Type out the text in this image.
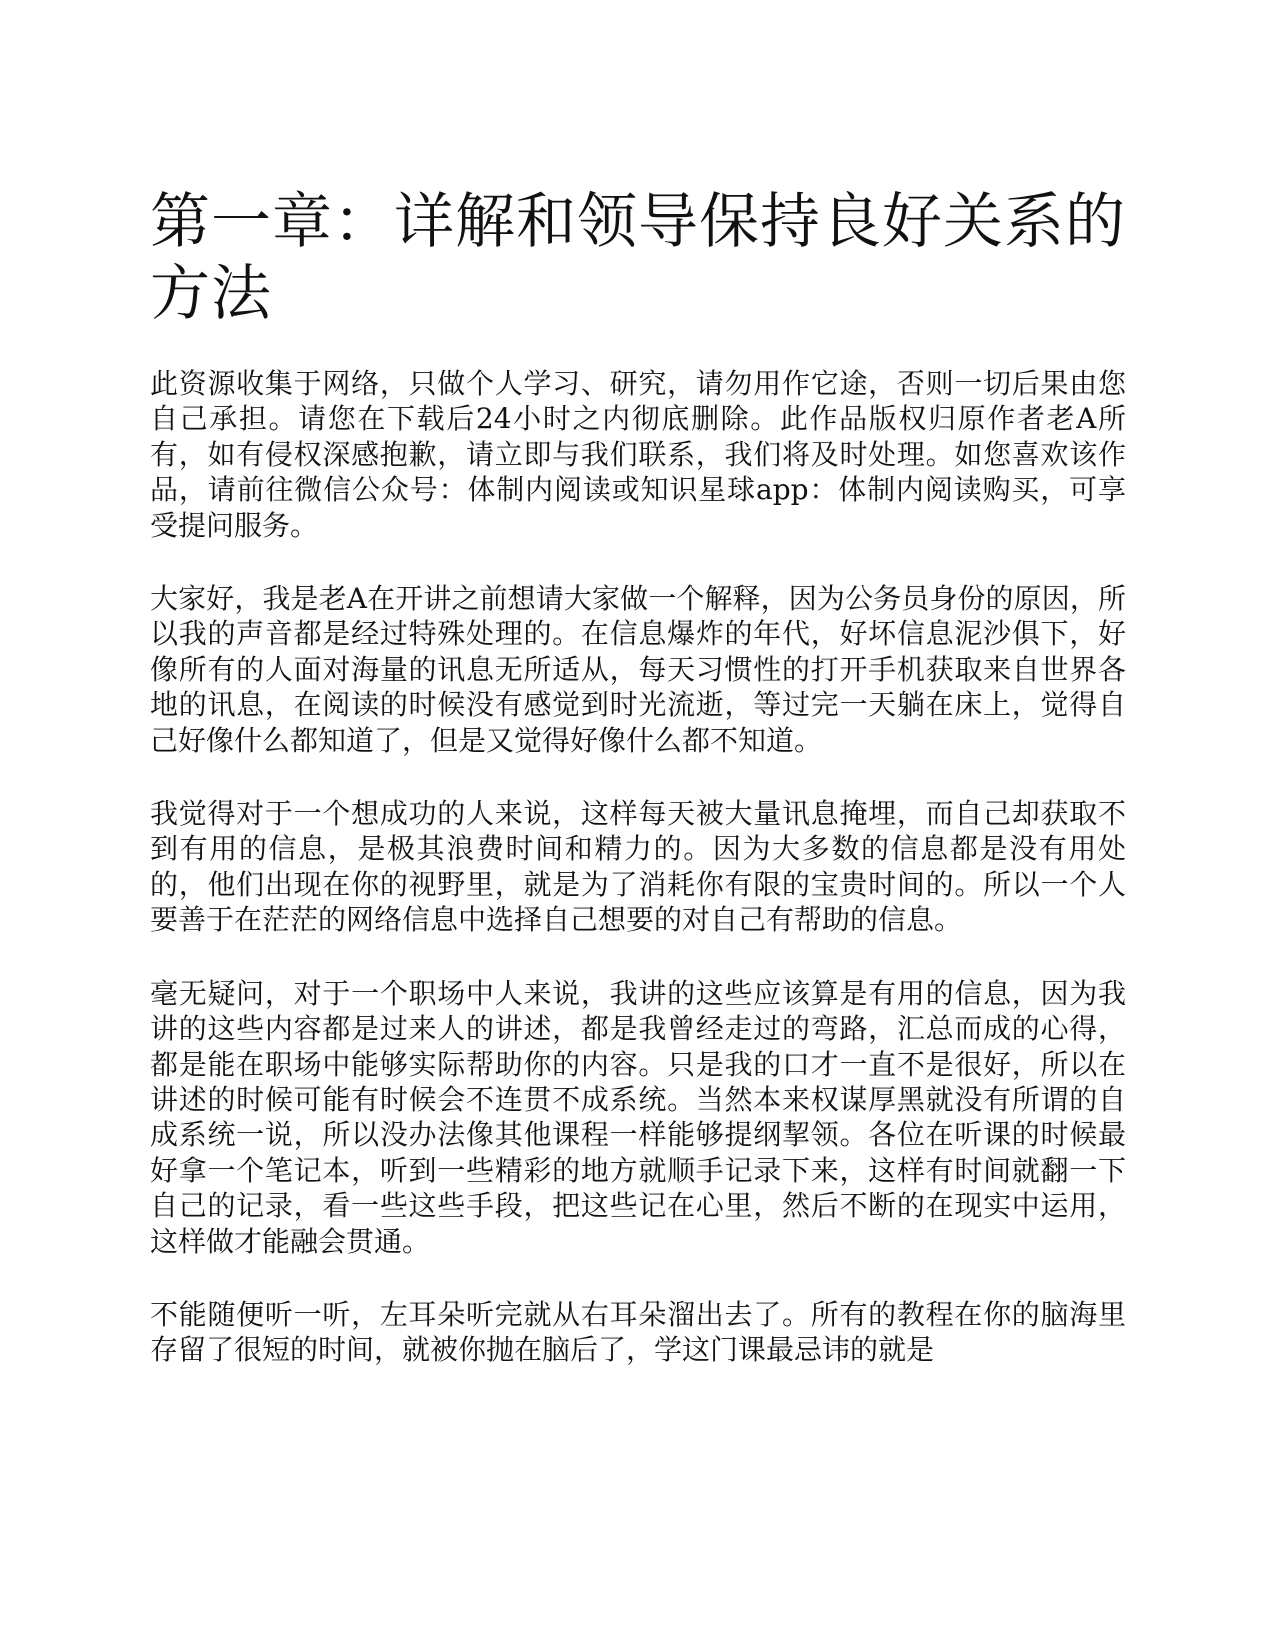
第一章：详解和领导保持良好关系的方法

此资源收集于网络，只做个人学习、研究，请勿用作它途，否则一切后果由您自己承担。请您在下载后24小时之内彻底删除。此作品版权归原作者老A所有，如有侵权深感抱歉，请立即与我们联系，我们将及时处理。如您喜欢该作品，请前往微信公众号：体制内阅读或知识星球app：体制内阅读购买，可享受提问服务。

大家好，我是老A在开讲之前想请大家做一个解释，因为公务员身份的原因，所以我的声音都是经过特殊处理的。在信息爆炸的年代，好坏信息泥沙俱下，好像所有的人面对海量的讯息无所适从，每天习惯性的打开手机获取来自世界各地的讯息，在阅读的时候没有感觉到时光流逝，等过完一天躺在床上，觉得自己好像什么都知道了，但是又觉得好像什么都不知道。

我觉得对于一个想成功的人来说，这样每天被大量讯息掩埋，而自己却获取不到有用的信息，是极其浪费时间和精力的。因为大多数的信息都是没有用处的，他们出现在你的视野里，就是为了消耗你有限的宝贵时间的。所以一个人要善于在茫茫的网络信息中选择自己想要的对自己有帮助的信息。

毫无疑问，对于一个职场中人来说，我讲的这些应该算是有用的信息，因为我讲的这些内容都是过来人的讲述，都是我曾经走过的弯路，汇总而成的心得，都是能在职场中能够实际帮助你的内容。只是我的口才一直不是很好，所以在讲述的时候可能有时候会不连贯不成系统。当然本来权谋厚黑就没有所谓的自成系统一说，所以没办法像其他课程一样能够提纲挈领。各位在听课的时候最好拿一个笔记本，听到一些精彩的地方就顺手记录下来，这样有时间就翻一下自己的记录，看一些这些手段，把这些记在心里，然后不断的在现实中运用，这样做才能融会贯通。

不能随便听一听，左耳朵听完就从右耳朵溜出去了。所有的教程在你的脑海里存留了很短的时间，就被你抛在脑后了，学这门课最忌讳的就是
